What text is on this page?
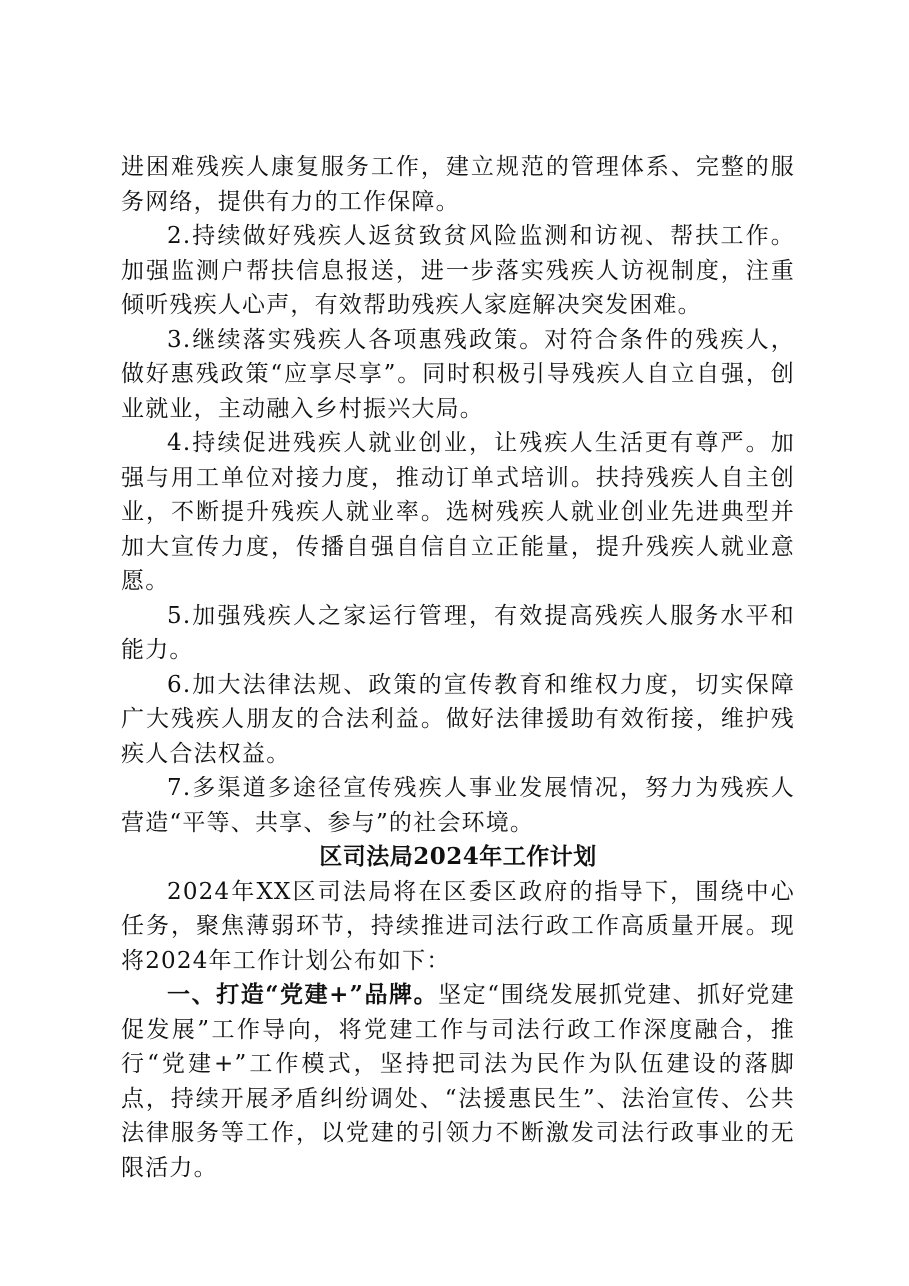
进困难残疾人康复服务工作，建立规范的管理体系、完整的服务网络，提供有力的工作保障。

2.持续做好残疾人返贫致贫风险监测和访视、帮扶工作。加强监测户帮扶信息报送，进一步落实残疾人访视制度，注重倾听残疾人心声，有效帮助残疾人家庭解决突发困难。

3.继续落实残疾人各项惠残政策。对符合条件的残疾人，做好惠残政策“应享尽享”。同时积极引导残疾人自立自强，创业就业，主动融入乡村振兴大局。

4.持续促进残疾人就业创业，让残疾人生活更有尊严。加强与用工单位对接力度，推动订单式培训。扶持残疾人自主创业，不断提升残疾人就业率。选树残疾人就业创业先进典型并加大宣传力度，传播自强自信自立正能量，提升残疾人就业意愿。

5.加强残疾人之家运行管理，有效提高残疾人服务水平和能力。

6.加大法律法规、政策的宣传教育和维权力度，切实保障广大残疾人朋友的合法利益。做好法律援助有效衔接，维护残疾人合法权益。

7.多渠道多途径宣传残疾人事业发展情况，努力为残疾人营造“平等、共享、参与”的社会环境。

区司法局2024年工作计划

2024年XX区司法局将在区委区政府的指导下，围绕中心任务，聚焦薄弱环节，持续推进司法行政工作高质量开展。现将2024年工作计划公布如下：

一、打造“党建+”品牌。坚定“围绕发展抓党建、抓好党建促发展”工作导向，将党建工作与司法行政工作深度融合，推行“党建+”工作模式，坚持把司法为民作为队伍建设的落脚点，持续开展矛盾纠纷调处、“法援惠民生”、法治宣传、公共法律服务等工作，以党建的引领力不断激发司法行政事业的无限活力。
